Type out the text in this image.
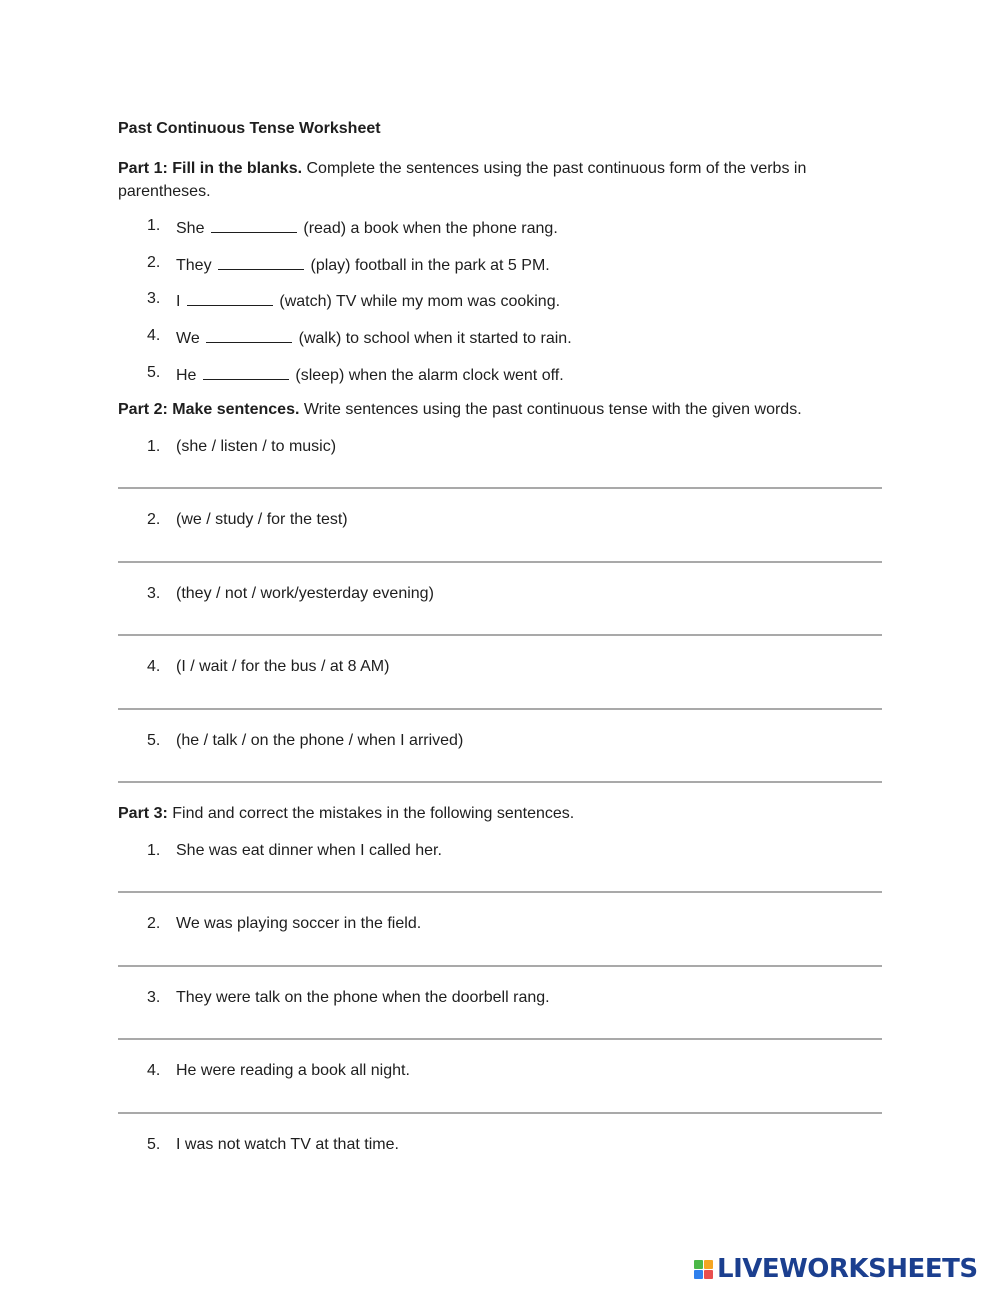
Past Continuous Tense Worksheet
Part 1: Fill in the blanks. Complete the sentences using the past continuous form of the verbs in
parentheses.
1. She	(read) a book when the phone rang.
2. They	(play) football in the park at 5 PM.
3. I	(watch) TV while my mom was cooking.
4. We	(walk) to school when it started to rain.
5. He	(sleep) when the alarm clock went off.
Part 2: Make sentences. Write sentences using the past continuous tense with the given words.
1. (she / listen / to music)
2. (we / study / for the test)
3. (they / not / work/yesterday evening)
4. (I / wait / for the bus / at 8 AM)
5. (he / talk / on the phone / when I arrived)
Part 3: Find and correct the mistakes in the following sentences.
1. She was eat dinner when I called her.
2. We was playing soccer in the field.
3. They were talk on the phone when the doorbell rang.
4. He were reading a book all night.
5. I was not watch TV at that time.
LIVEWORKSHEETS
